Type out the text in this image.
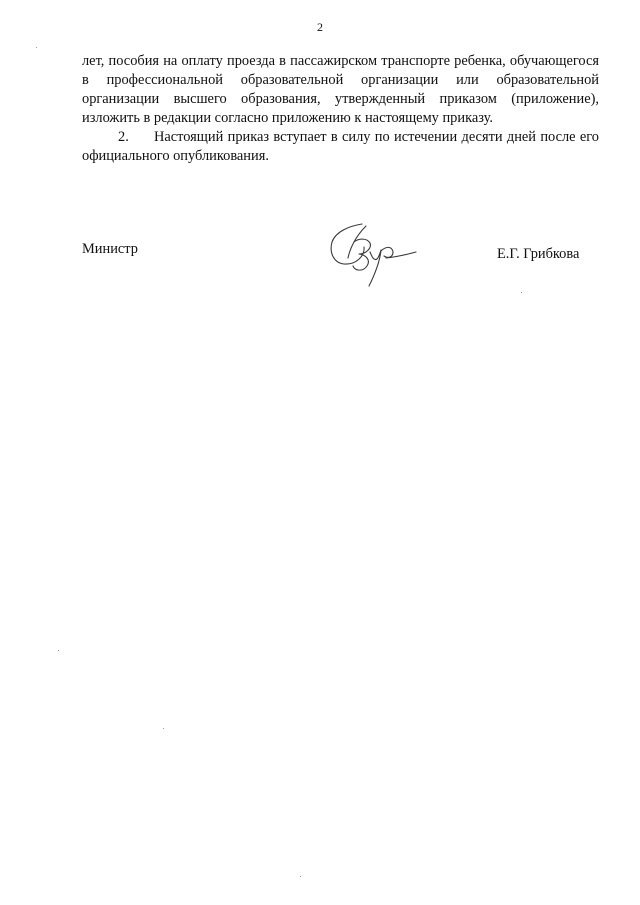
2

лет, пособия на оплату проезда в пассажирском транспорте ребенка, обучающегося в профессиональной образовательной организации или образовательной организации высшего образования, утвержденный приказом (приложение), изложить в редакции согласно приложению к настоящему приказу.

2. Настоящий приказ вступает в силу по истечении десяти дней после его официального опубликования.

Министр	Е.Г. Грибкова
